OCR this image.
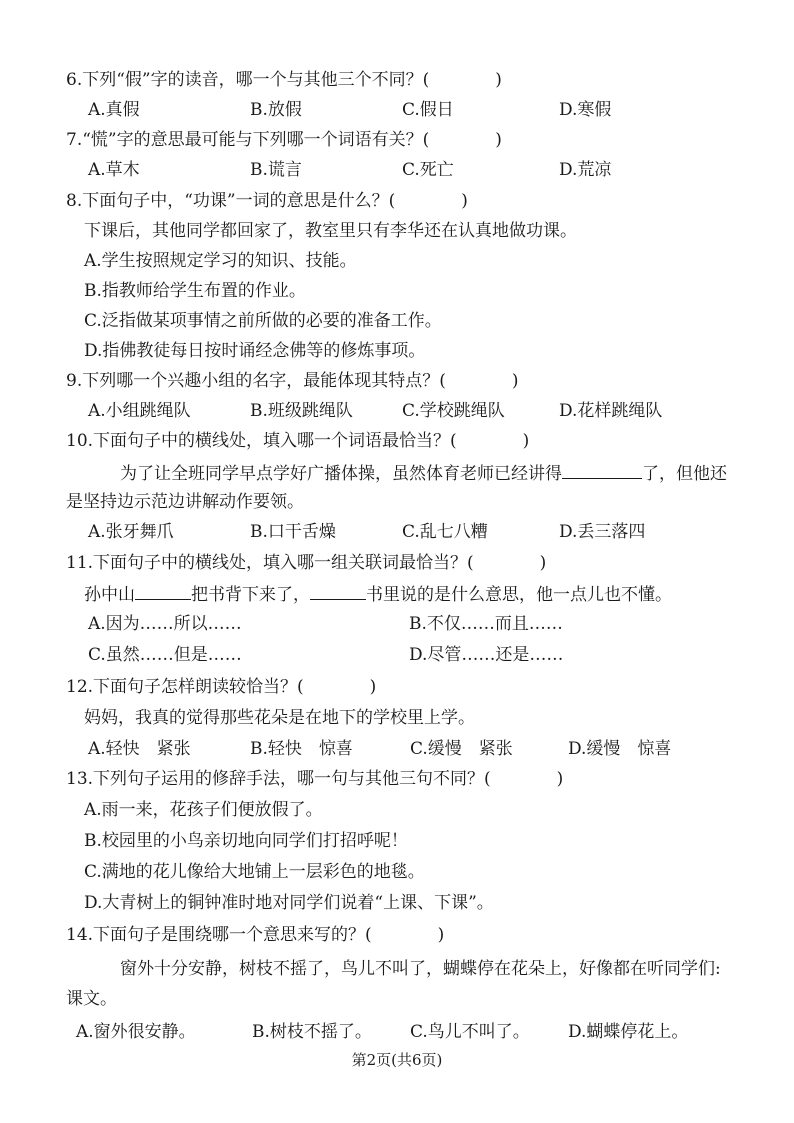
6.下列“假”字的读音，哪一个与其他三个不同？(	)
A.真假	B.放假	C.假日	D.寒假
7.“慌”字的意思最可能与下列哪一个词语有关？(	)
A.草木	B.谎言	C.死亡	D.荒凉
8.下面句子中，“功课”一词的意思是什么？(	)
下课后，其他同学都回家了，教室里只有李华还在认真地做功课。
A.学生按照规定学习的知识、技能。
B.指教师给学生布置的作业。
C.泛指做某项事情之前所做的必要的准备工作。
D.指佛教徒每日按时诵经念佛等的修炼事项。
9.下列哪一个兴趣小组的名字，最能体现其特点？(	)
A.小组跳绳队	B.班级跳绳队	C.学校跳绳队	D.花样跳绳队
10.下面句子中的横线处，填入哪一个词语最恰当？(	)
为了让全班同学早点学好广播体操，虽然体育老师已经讲得	了，但他还
是坚持边示范边讲解动作要领。
A.张牙舞爪	B.口干舌燥	C.乱七八糟	D.丢三落四
11.下面句子中的横线处，填入哪一组关联词最恰当？(	)
孙中山	把书背下来了，	书里说的是什么意思，他一点儿也不懂。
A.因为……所以……	B.不仅……而且……
C.虽然……但是……	D.尽管……还是……
12.下面句子怎样朗读较恰当？(	)
妈妈，我真的觉得那些花朵是在地下的学校里上学。
A.轻快　紧张	B.轻快　惊喜	C.缓慢　紧张	D.缓慢　惊喜
13.下列句子运用的修辞手法，哪一句与其他三句不同？(	)
A.雨一来，花孩子们便放假了。
B.校园里的小鸟亲切地向同学们打招呼呢！
C.满地的花儿像给大地铺上一层彩色的地毯。
D.大青树上的铜钟准时地对同学们说着“上课、下课”。
14.下面句子是围绕哪一个意思来写的？(	)
窗外十分安静，树枝不摇了，鸟儿不叫了，蝴蝶停在花朵上，好像都在听同学们:
课文。
A.窗外很安静。	B.树枝不摇了。 C.鸟儿不叫了。 D.蝴蝶停花上。
第2页(共6页)
